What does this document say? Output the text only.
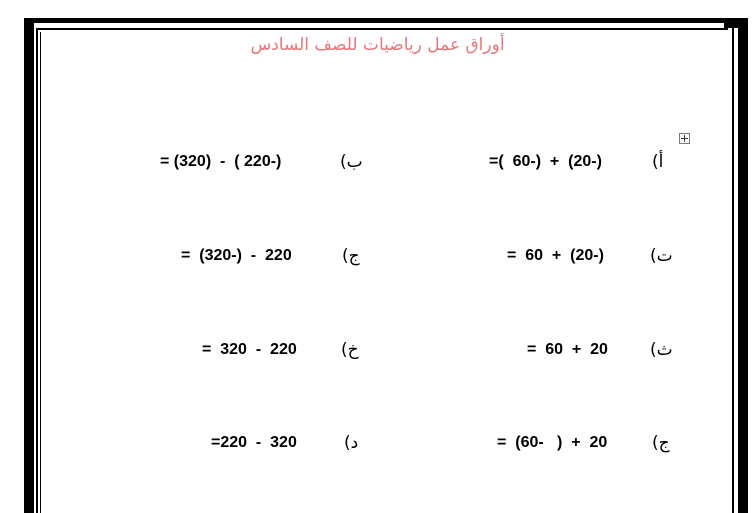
أوراق عمل رياضيات للصف السادس
أ)
=(  60-)  +  (20-)
ب)
= (320)  -  ( 220-)
ت)
=  60  +  (20-)
ج)
=  (320-)  -  220
ث)
=  60  +  20
خ)
=  320  -  220
ج)
=  (60-   )  +  20
د)
=220  -  320
